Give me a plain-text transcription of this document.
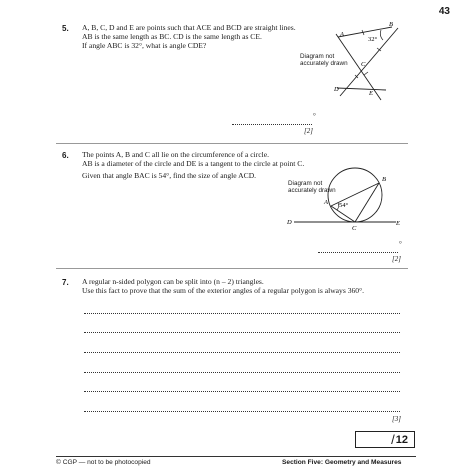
43
5. A, B, C, D and E are points such that ACE and BCD are straight lines.
AB is the same length as BC. CD is the same length as CE.
If angle ABC is 32°, what is angle CDE?
Diagram not
accurately drawn
A
B
C
D
E
32°
°
[2]
6. The points A, B and C all lie on the circumference of a circle.
AB is a diameter of the circle and DE is a tangent to the circle at point C.
Given that angle BAC is 54°, find the size of angle ACD.
Diagram not
accurately drawn
A
B
C
D	E
54°
°
[2]
7. A regular n-sided polygon can be split into (n – 2) triangles.
Use this fact to prove that the sum of the exterior angles of a regular polygon is always 360°.
[3]
/ 12
© CGP — not to be photocopied	Section Five: Geometry and Measures
